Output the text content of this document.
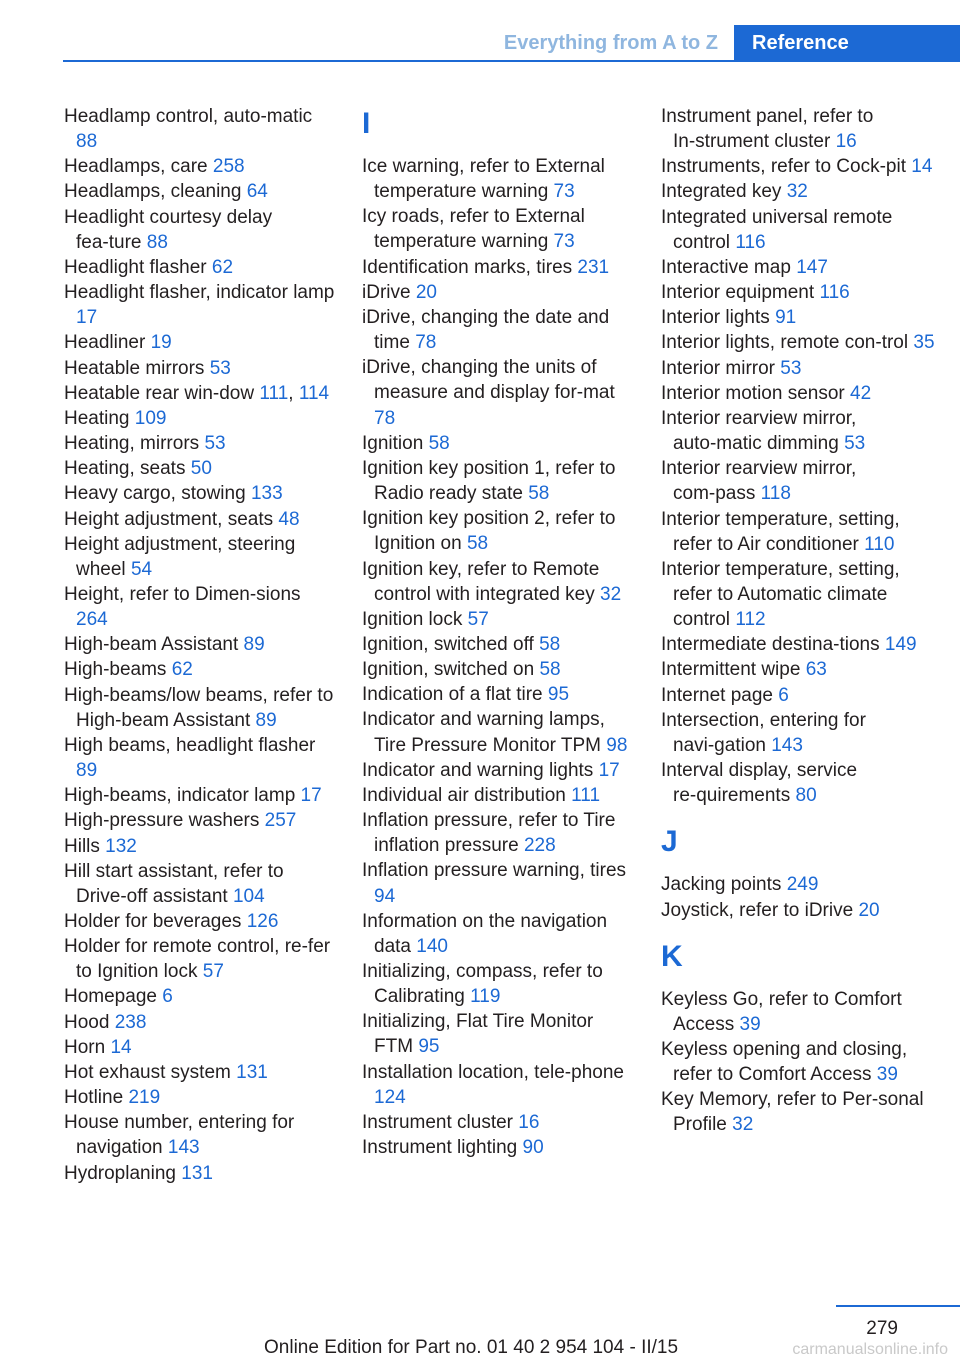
Everything from A to Z	Reference
Headlamp control, auto‑matic 88
Headlamps, care 258
Headlamps, cleaning 64
Headlight courtesy delay fea‑ture 88
Headlight flasher 62
Headlight flasher, indicator lamp 17
Headliner 19
Heatable mirrors 53
Heatable rear win‑dow 111, 114
Heating 109
Heating, mirrors 53
Heating, seats 50
Heavy cargo, stowing 133
Height adjustment, seats 48
Height adjustment, steering wheel 54
Height, refer to Dimen‑sions 264
High-beam Assistant 89
High-beams 62
High-beams/low beams, refer to High-beam Assistant 89
High beams, headlight flasher 89
High-beams, indicator lamp 17
High-pressure washers 257
Hills 132
Hill start assistant, refer to Drive-off assistant 104
Holder for beverages 126
Holder for remote control, re‑fer to Ignition lock 57
Homepage 6
Hood 238
Horn 14
Hot exhaust system 131
Hotline 219
House number, entering for navigation 143
Hydroplaning 131
I
Ice warning, refer to External temperature warning 73
Icy roads, refer to External temperature warning 73
Identification marks, tires 231
iDrive 20
iDrive, changing the date and time 78
iDrive, changing the units of measure and display for‑mat 78
Ignition 58
Ignition key position 1, refer to Radio ready state 58
Ignition key position 2, refer to Ignition on 58
Ignition key, refer to Remote control with integrated key 32
Ignition lock 57
Ignition, switched off 58
Ignition, switched on 58
Indication of a flat tire 95
Indicator and warning lamps, Tire Pressure Monitor TPM 98
Indicator and warning lights 17
Individual air distribution 111
Inflation pressure, refer to Tire inflation pressure 228
Inflation pressure warning, tires 94
Information on the navigation data 140
Initializing, compass, refer to Calibrating 119
Initializing, Flat Tire Monitor FTM 95
Installation location, tele‑phone 124
Instrument cluster 16
Instrument lighting 90
Instrument panel, refer to In‑strument cluster 16
Instruments, refer to Cock‑pit 14
Integrated key 32
Integrated universal remote control 116
Interactive map 147
Interior equipment 116
Interior lights 91
Interior lights, remote con‑trol 35
Interior mirror 53
Interior motion sensor 42
Interior rearview mirror, auto‑matic dimming 53
Interior rearview mirror, com‑pass 118
Interior temperature, setting, refer to Air conditioner 110
Interior temperature, setting, refer to Automatic climate control 112
Intermediate destina‑tions 149
Intermittent wipe 63
Internet page 6
Intersection, entering for navi‑gation 143
Interval display, service re‑quirements 80
J
Jacking points 249
Joystick, refer to iDrive 20
K
Keyless Go, refer to Comfort Access 39
Keyless opening and closing, refer to Comfort Access 39
Key Memory, refer to Per‑sonal Profile 32
279
Online Edition for Part no. 01 40 2 954 104 - II/15	carmanualsonline.info
